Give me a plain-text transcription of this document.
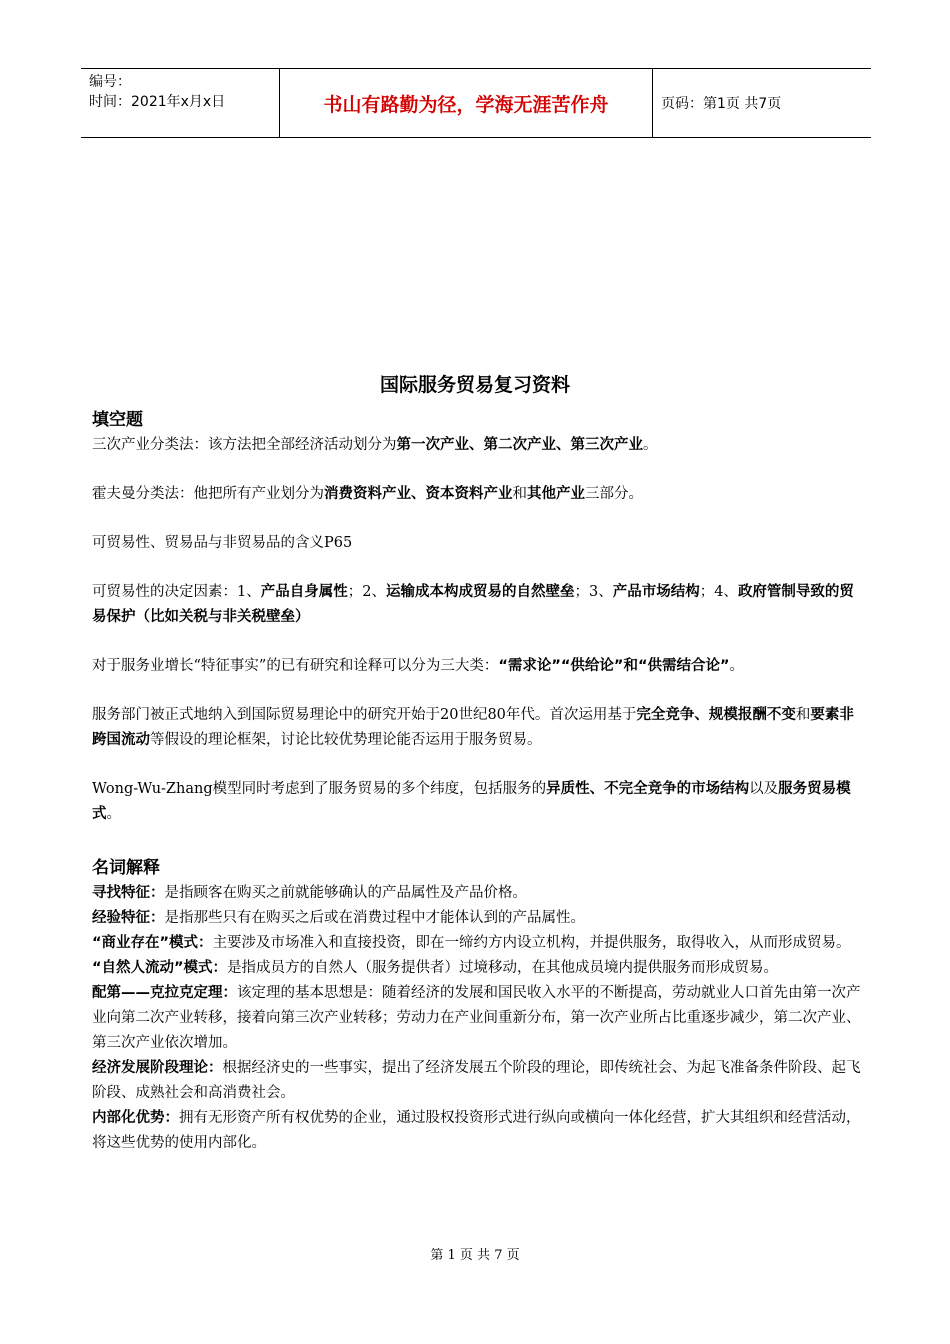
编号：
时间：2021年x月x日	书山有路勤为径，学海无涯苦作舟	页码：第1页 共7页
国际服务贸易复习资料
填空题

三次产业分类法：该方法把全部经济活动划分为第一次产业、第二次产业、第三次产业。

霍夫曼分类法：他把所有产业划分为消费资料产业、资本资料产业和其他产业三部分。

可贸易性、贸易品与非贸易品的含义P65

可贸易性的决定因素：1、产品自身属性；2、运输成本构成贸易的自然壁垒；3、产品市场结构；4、政府管制导致的贸易保护（比如关税与非关税壁垒）

对于服务业增长“特征事实”的已有研究和诠释可以分为三大类：“需求论”“供给论”和“供需结合论”。

服务部门被正式地纳入到国际贸易理论中的研究开始于20世纪80年代。首次运用基于完全竞争、规模报酬不变和要素非跨国流动等假设的理论框架，讨论比较优势理论能否运用于服务贸易。

Wong-Wu-Zhang模型同时考虑到了服务贸易的多个纬度，包括服务的异质性、不完全竞争的市场结构以及服务贸易模式。

名词解释

寻找特征：是指顾客在购买之前就能够确认的产品属性及产品价格。

经验特征：是指那些只有在购买之后或在消费过程中才能体认到的产品属性。

“商业存在”模式：主要涉及市场准入和直接投资，即在一缔约方内设立机构，并提供服务，取得收入，从而形成贸易。

“自然人流动”模式：是指成员方的自然人（服务提供者）过境移动，在其他成员境内提供服务而形成贸易。

配第——克拉克定理：该定理的基本思想是：随着经济的发展和国民收入水平的不断提高，劳动就业人口首先由第一次产业向第二次产业转移，接着向第三次产业转移；劳动力在产业间重新分布，第一次产业所占比重逐步减少，第二次产业、第三次产业依次增加。

经济发展阶段理论：根据经济史的一些事实，提出了经济发展五个阶段的理论，即传统社会、为起飞准备条件阶段、起飞阶段、成熟社会和高消费社会。

内部化优势：拥有无形资产所有权优势的企业，通过股权投资形式进行纵向或横向一体化经营，扩大其组织和经营活动，将这些优势的使用内部化。

第 1 页 共 7 页
